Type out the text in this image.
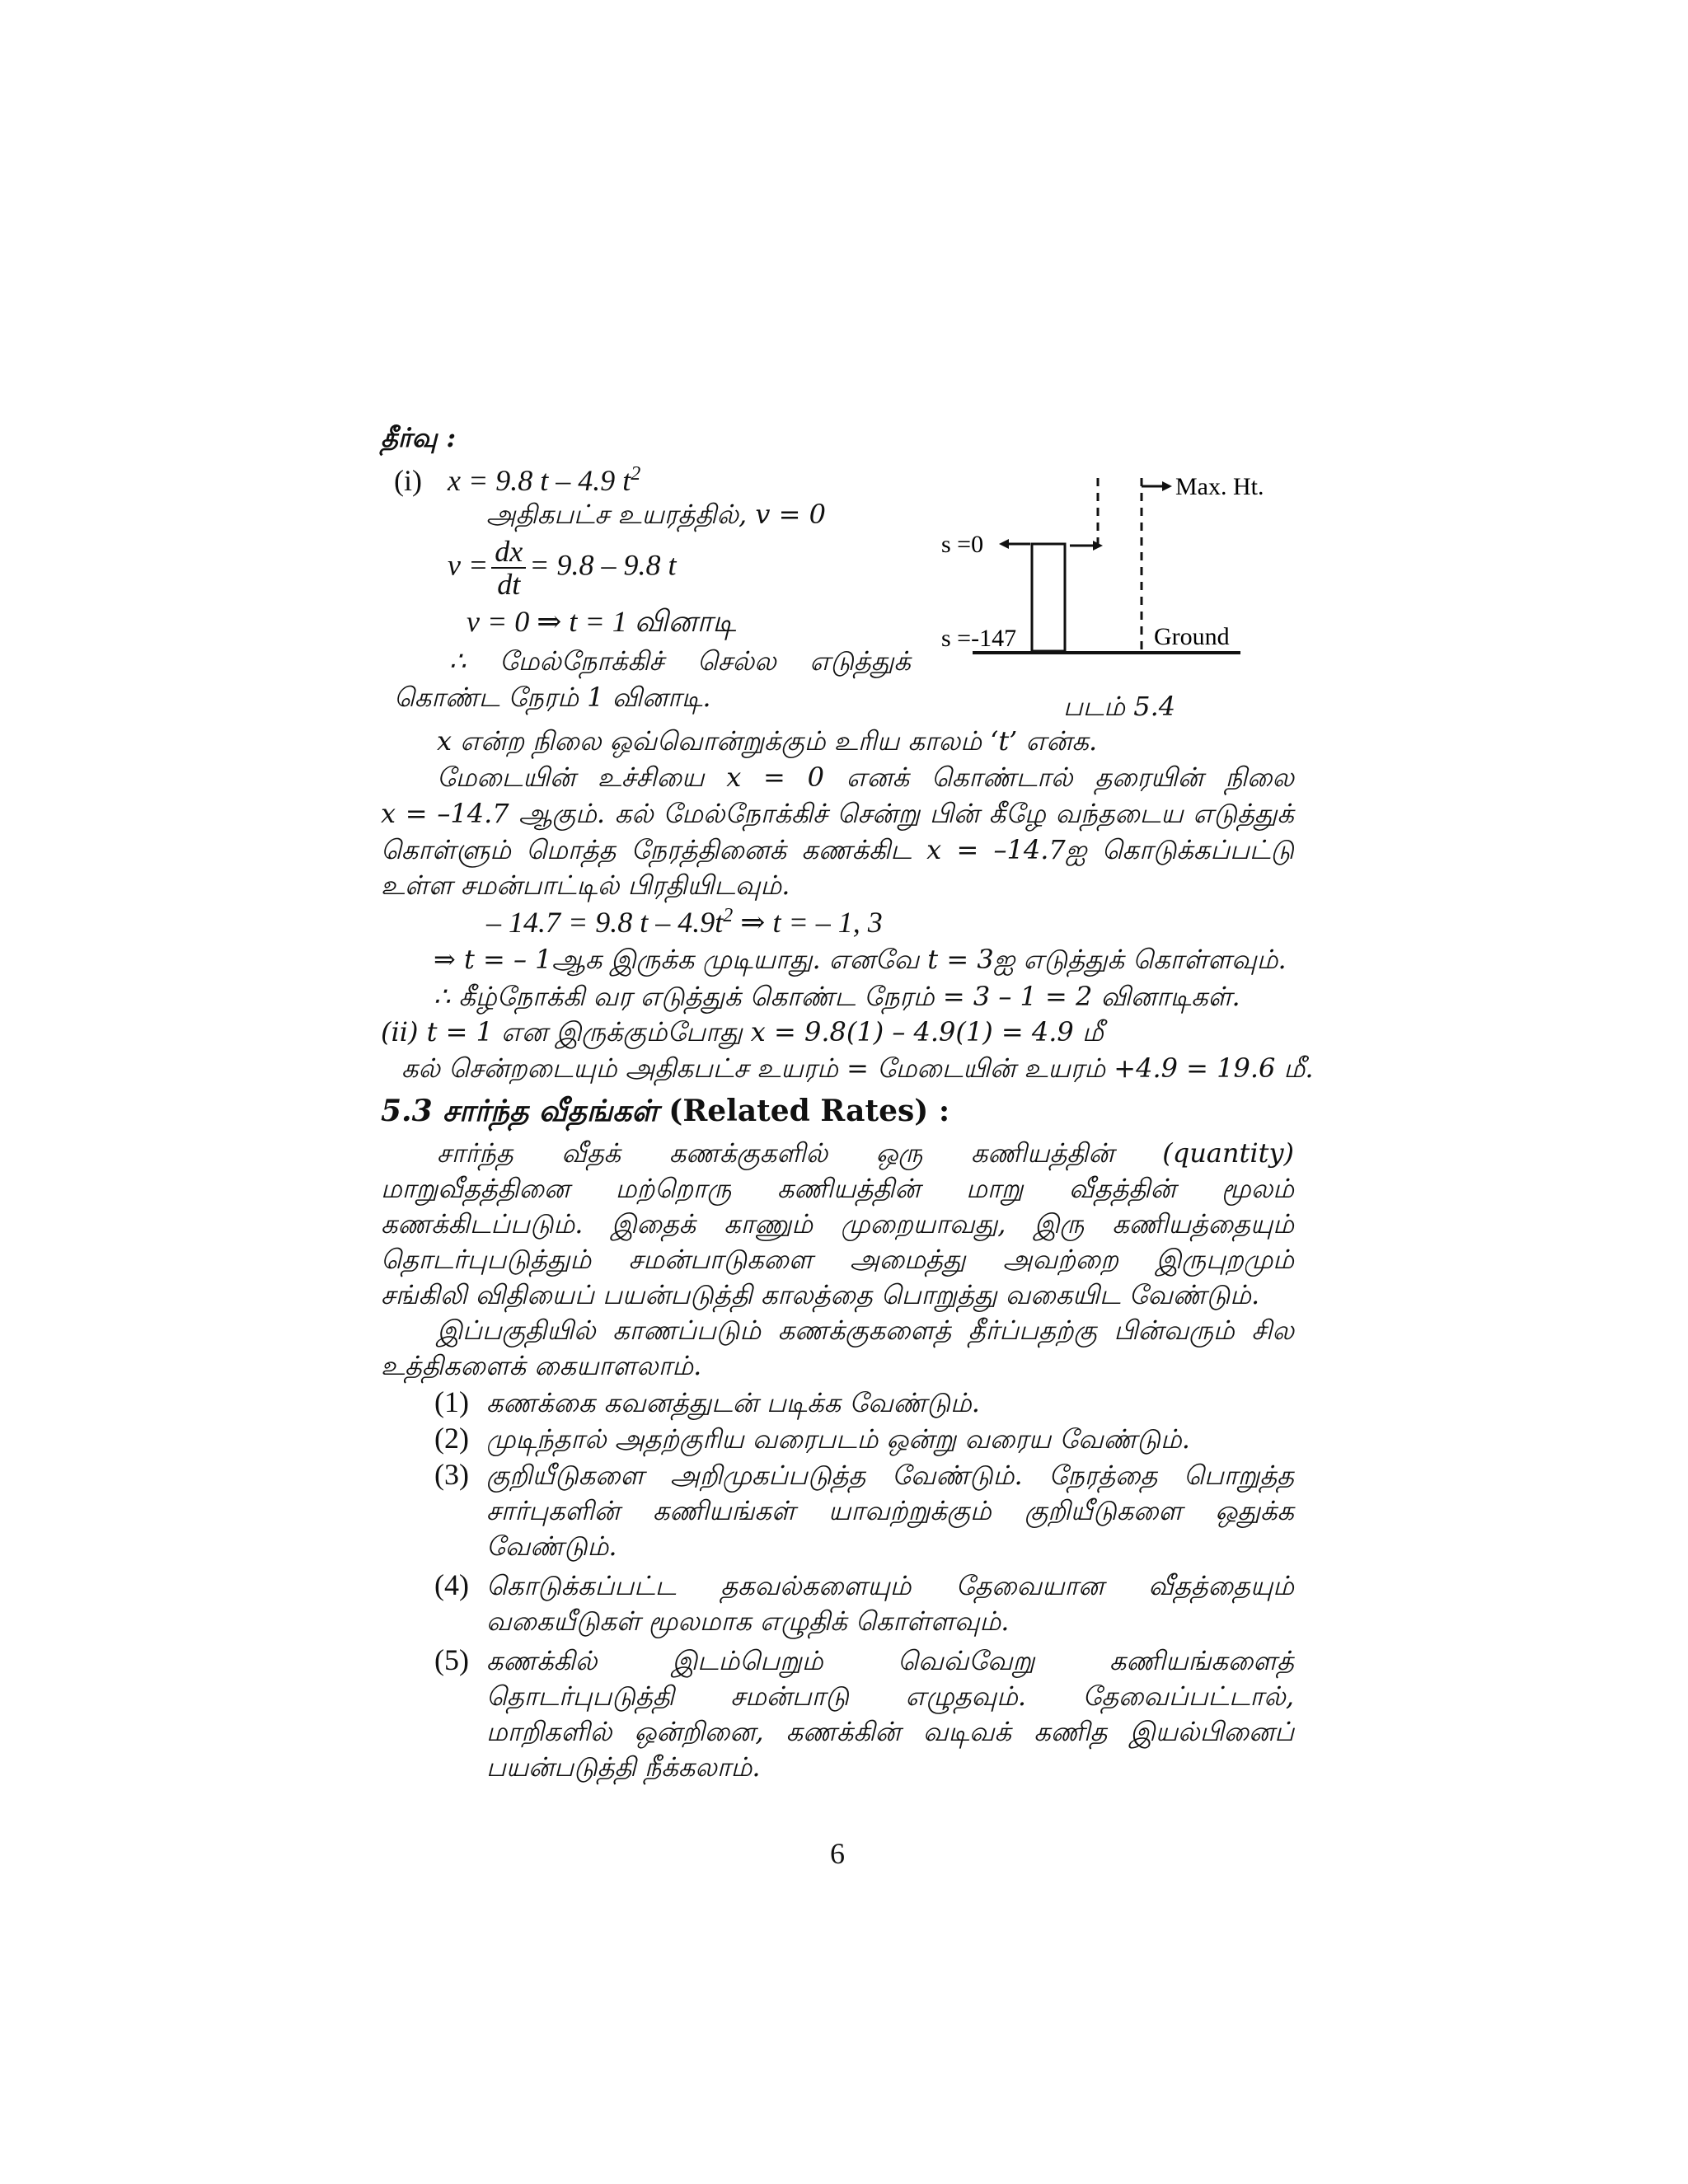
தீர்வு :
(i) x = 9.8 t – 4.9 $t^2$
அதிகபட்ச உயரத்தில், v = 0
$v = \frac{dx}{dt} = 9.8 - 9.8$ t
v = 0 ⇒ t = 1 வினாடி
∴ மேல்நோக்கிச் செல்ல எடுத்துக்
கொண்ட நேரம் 1 வினாடி.
Max. Ht.
s =0
s =-147	Ground
படம் 5.4
x என்ற நிலை ஒவ்வொன்றுக்கும் உரிய காலம் ‘t’ என்க.
மேடையின் உச்சியை x = 0 எனக் கொண்டால் தரையின் நிலை
x = –14.7 ஆகும். கல் மேல்நோக்கிச் சென்று பின் கீழே வந்தடைய எடுத்துக்
கொள்ளும் மொத்த நேரத்தினைக் கணக்கிட x = –14.7ஐ கொடுக்கப்பட்டு
உள்ள சமன்பாட்டில் பிரதியிடவும்.
– 14.7 = 9.8 t – $4.9t^2$ ⇒ t = – 1, 3
⇒ t = – 1ஆக இருக்க முடியாது. எனவே t = 3ஐ எடுத்துக் கொள்ளவும்.
∴ கீழ்நோக்கி வர எடுத்துக் கொண்ட நேரம் = 3 – 1 = 2 வினாடிகள்.
(ii) t = 1 என இருக்கும்போது x = 9.8(1) – 4.9(1) = 4.9 மீ
கல் சென்றடையும் அதிகபட்ச உயரம் = மேடையின் உயரம் +4.9 = 19.6 மீ.
5.3 சார்ந்த வீதங்கள் (Related Rates) :
சார்ந்த வீதக் கணக்குகளில் ஒரு கணியத்தின் (quantity)
மாறுவீதத்தினை மற்றொரு கணியத்தின் மாறு வீதத்தின் மூலம்
கணக்கிடப்படும். இதைக் காணும் முறையாவது, இரு கணியத்தையும்
தொடர்புபடுத்தும் சமன்பாடுகளை அமைத்து அவற்றை இருபுறமும்
சங்கிலி விதியைப் பயன்படுத்தி காலத்தை பொறுத்து வகையிட வேண்டும்.
இப்பகுதியில் காணப்படும் கணக்குகளைத் தீர்ப்பதற்கு பின்வரும் சில
உத்திகளைக் கையாளலாம்.
(1) கணக்கை கவனத்துடன் படிக்க வேண்டும்.
(2) முடிந்தால் அதற்குரிய வரைபடம் ஒன்று வரைய வேண்டும்.
(3) குறியீடுகளை அறிமுகப்படுத்த வேண்டும். நேரத்தை பொறுத்த
சார்புகளின் கணியங்கள் யாவற்றுக்கும் குறியீடுகளை ஒதுக்க
வேண்டும்.
(4) கொடுக்கப்பட்ட தகவல்களையும் தேவையான வீதத்தையும்
வகையீடுகள் மூலமாக எழுதிக் கொள்ளவும்.
(5) கணக்கில் இடம்பெறும் வெவ்வேறு கணியங்களைத்
தொடர்புபடுத்தி சமன்பாடு எழுதவும். தேவைப்பட்டால்,
மாறிகளில் ஒன்றினை, கணக்கின் வடிவக் கணித இயல்பினைப்
பயன்படுத்தி நீக்கலாம்.
6
